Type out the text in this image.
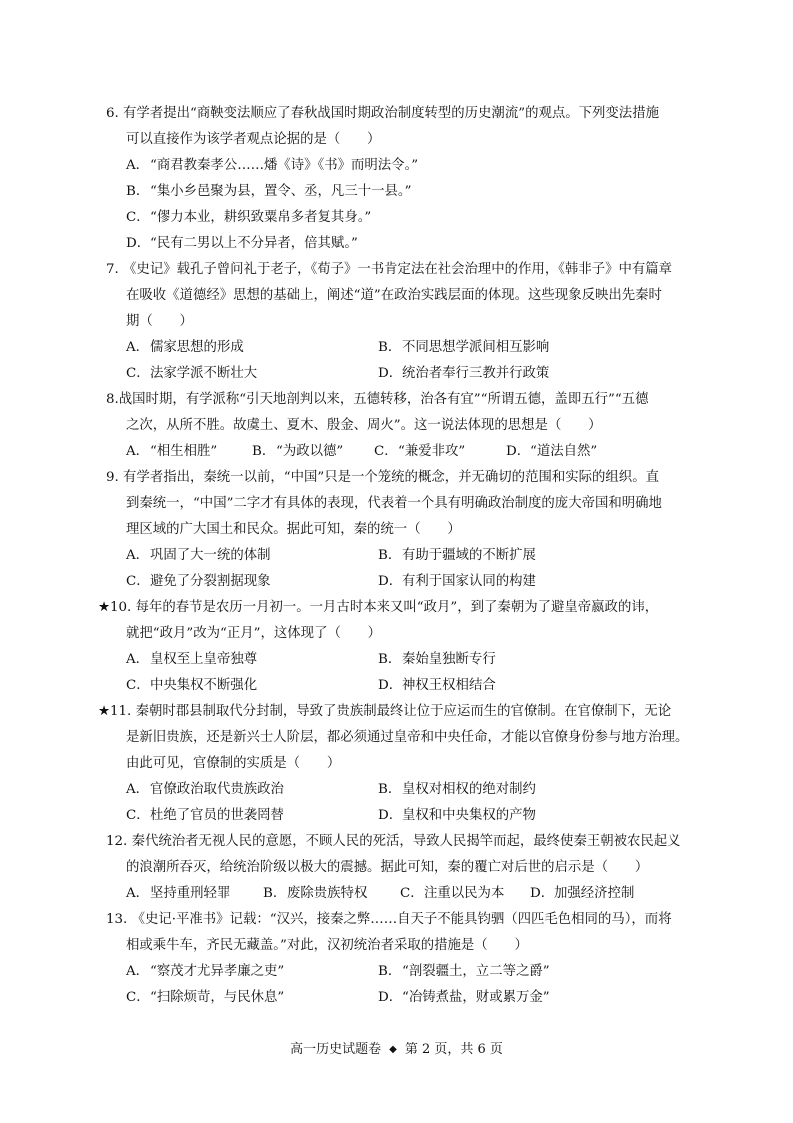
6. 有学者提出“商鞅变法顺应了春秋战国时期政治制度转型的历史潮流”的观点。下列变法措施
可以直接作为该学者观点论据的是（　　）
A．“商君教秦孝公……燔《诗》《书》而明法令。”
B．“集小乡邑聚为县，置令、丞，凡三十一县。”
C．“僇力本业，耕织致粟帛多者复其身。”
D．“民有二男以上不分异者，倍其赋。”
7. 《史记》载孔子曾问礼于老子，《荀子》一书肯定法在社会治理中的作用，《韩非子》中有篇章
在吸收《道德经》思想的基础上，阐述“道”在政治实践层面的体现。这些现象反映出先秦时
期（　　）
A．儒家思想的形成	B．不同思想学派间相互影响
C．法家学派不断壮大	D．统治者奉行三教并行政策
8.战国时期，有学派称“引天地剖判以来，五德转移，治各有宜”“所谓五德，盖即五行”“五德
之次，从所不胜。故虞土、夏木、殷金、周火”。这一说法体现的思想是（　　）
A．“相生相胜”	B．“为政以德” C．“兼爱非攻”	D．“道法自然”
9. 有学者指出，秦统一以前，“中国”只是一个笼统的概念，并无确切的范围和实际的组织。直
到秦统一，“中国”二字才有具体的表现，代表着一个具有明确政治制度的庞大帝国和明确地
理区域的广大国土和民众。据此可知，秦的统一（　　）
A．巩固了大一统的体制	B．有助于疆域的不断扩展
C．避免了分裂割据现象	D．有利于国家认同的构建
★10. 每年的春节是农历一月初一。一月古时本来又叫“政月”，到了秦朝为了避皇帝嬴政的讳，
就把“政月”改为“正月”，这体现了（　　）
A．皇权至上皇帝独尊	B．秦始皇独断专行
C．中央集权不断强化	D．神权王权相结合
★11. 秦朝时郡县制取代分封制，导致了贵族制最终让位于应运而生的官僚制。在官僚制下，无论
是新旧贵族，还是新兴士人阶层，都必须通过皇帝和中央任命，才能以官僚身份参与地方治理。
由此可见，官僚制的实质是（　　）
A．官僚政治取代贵族政治	B．皇权对相权的绝对制约
C．杜绝了官员的世袭罔替	D．皇权和中央集权的产物
12. 秦代统治者无视人民的意愿，不顾人民的死活，导致人民揭竿而起，最终使秦王朝被农民起义
的浪潮所吞灭，给统治阶级以极大的震撼。据此可知，秦的覆亡对后世的启示是（　　）
A．坚持重刑轻罪 B．废除贵族特权 C．注重以民为本 D．加强经济控制
13. 《史记·平准书》记载：“汉兴，接秦之弊……自天子不能具钧驷（四匹毛色相同的马），而将
相或乘牛车，齐民无藏盖。”对此，汉初统治者采取的措施是（　　）
A．“察茂才尤异孝廉之吏”	B．“剖裂疆土，立二等之爵”
C．“扫除烦苛，与民休息”	D．“冶铸煮盐，财或累万金”
高一历史试题卷 ◆ 第 2 页，共 6 页
